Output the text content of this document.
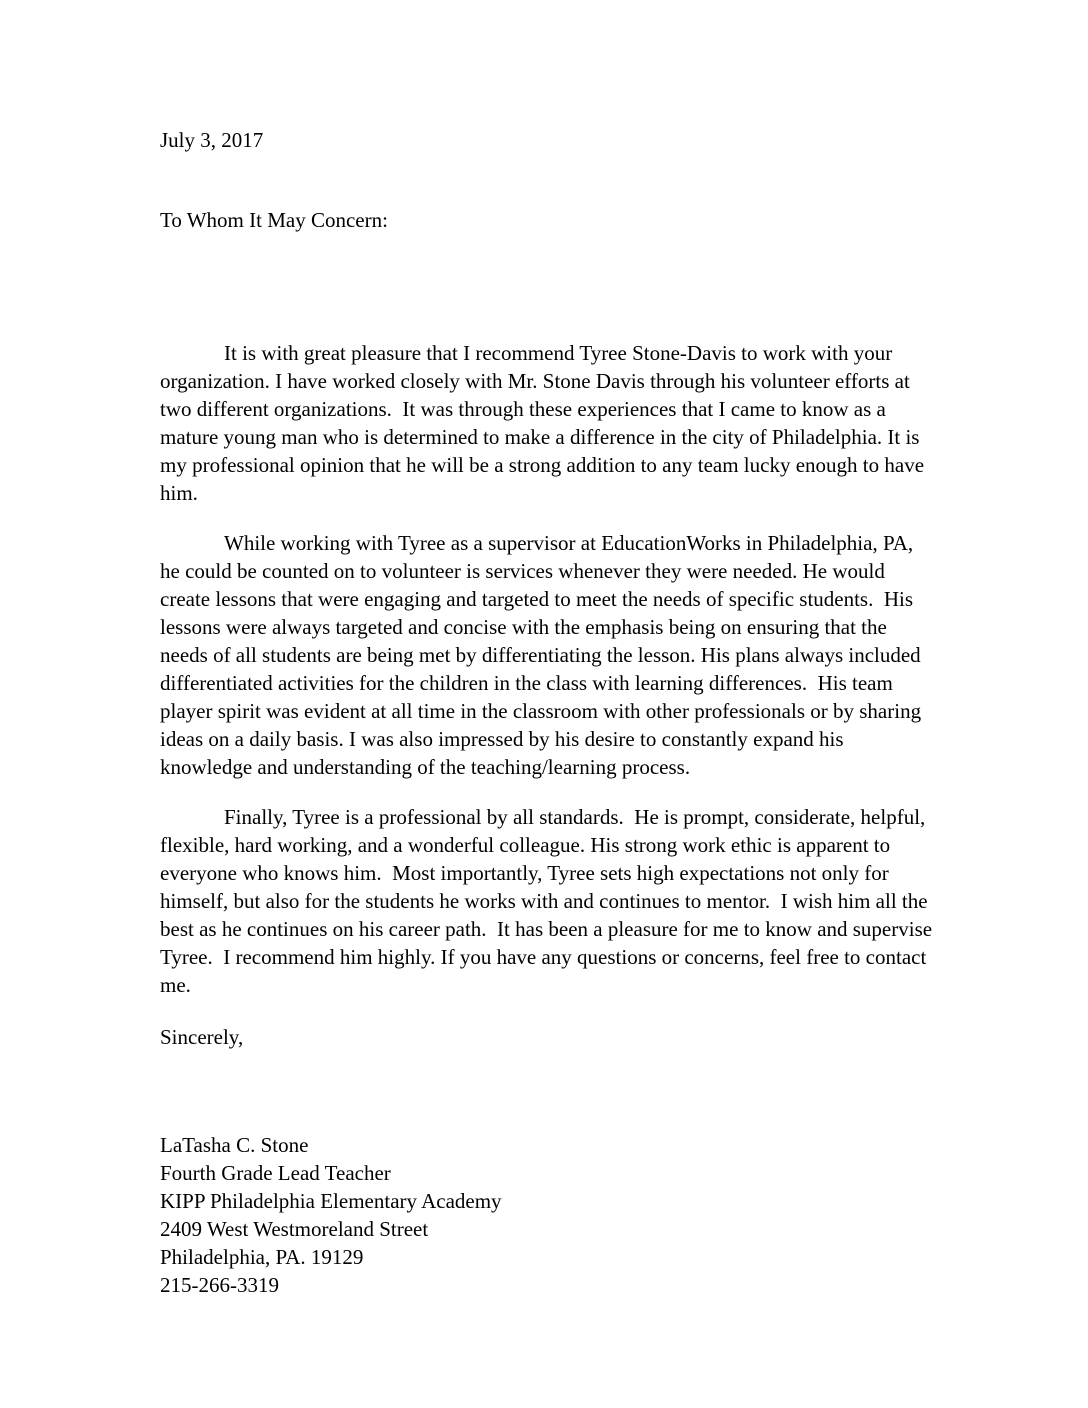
July 3, 2017
To Whom It May Concern:

It is with great pleasure that I recommend Tyree Stone-Davis to work with your organization. I have worked closely with Mr. Stone Davis through his volunteer efforts at two different organizations.  It was through these experiences that I came to know as a mature young man who is determined to make a difference in the city of Philadelphia. It is my professional opinion that he will be a strong addition to any team lucky enough to have him.

While working with Tyree as a supervisor at EducationWorks in Philadelphia, PA, he could be counted on to volunteer is services whenever they were needed. He would create lessons that were engaging and targeted to meet the needs of specific students.  His lessons were always targeted and concise with the emphasis being on ensuring that the needs of all students are being met by differentiating the lesson. His plans always included differentiated activities for the children in the class with learning differences.  His team player spirit was evident at all time in the classroom with other professionals or by sharing ideas on a daily basis. I was also impressed by his desire to constantly expand his knowledge and understanding of the teaching/learning process.

Finally, Tyree is a professional by all standards.  He is prompt, considerate, helpful, flexible, hard working, and a wonderful colleague. His strong work ethic is apparent to everyone who knows him.  Most importantly, Tyree sets high expectations not only for himself, but also for the students he works with and continues to mentor.  I wish him all the best as he continues on his career path.  It has been a pleasure for me to know and supervise Tyree.  I recommend him highly. If you have any questions or concerns, feel free to contact me.

Sincerely,
LaTasha C. Stone
Fourth Grade Lead Teacher
KIPP Philadelphia Elementary Academy
2409 West Westmoreland Street
Philadelphia, PA. 19129
215-266-3319
